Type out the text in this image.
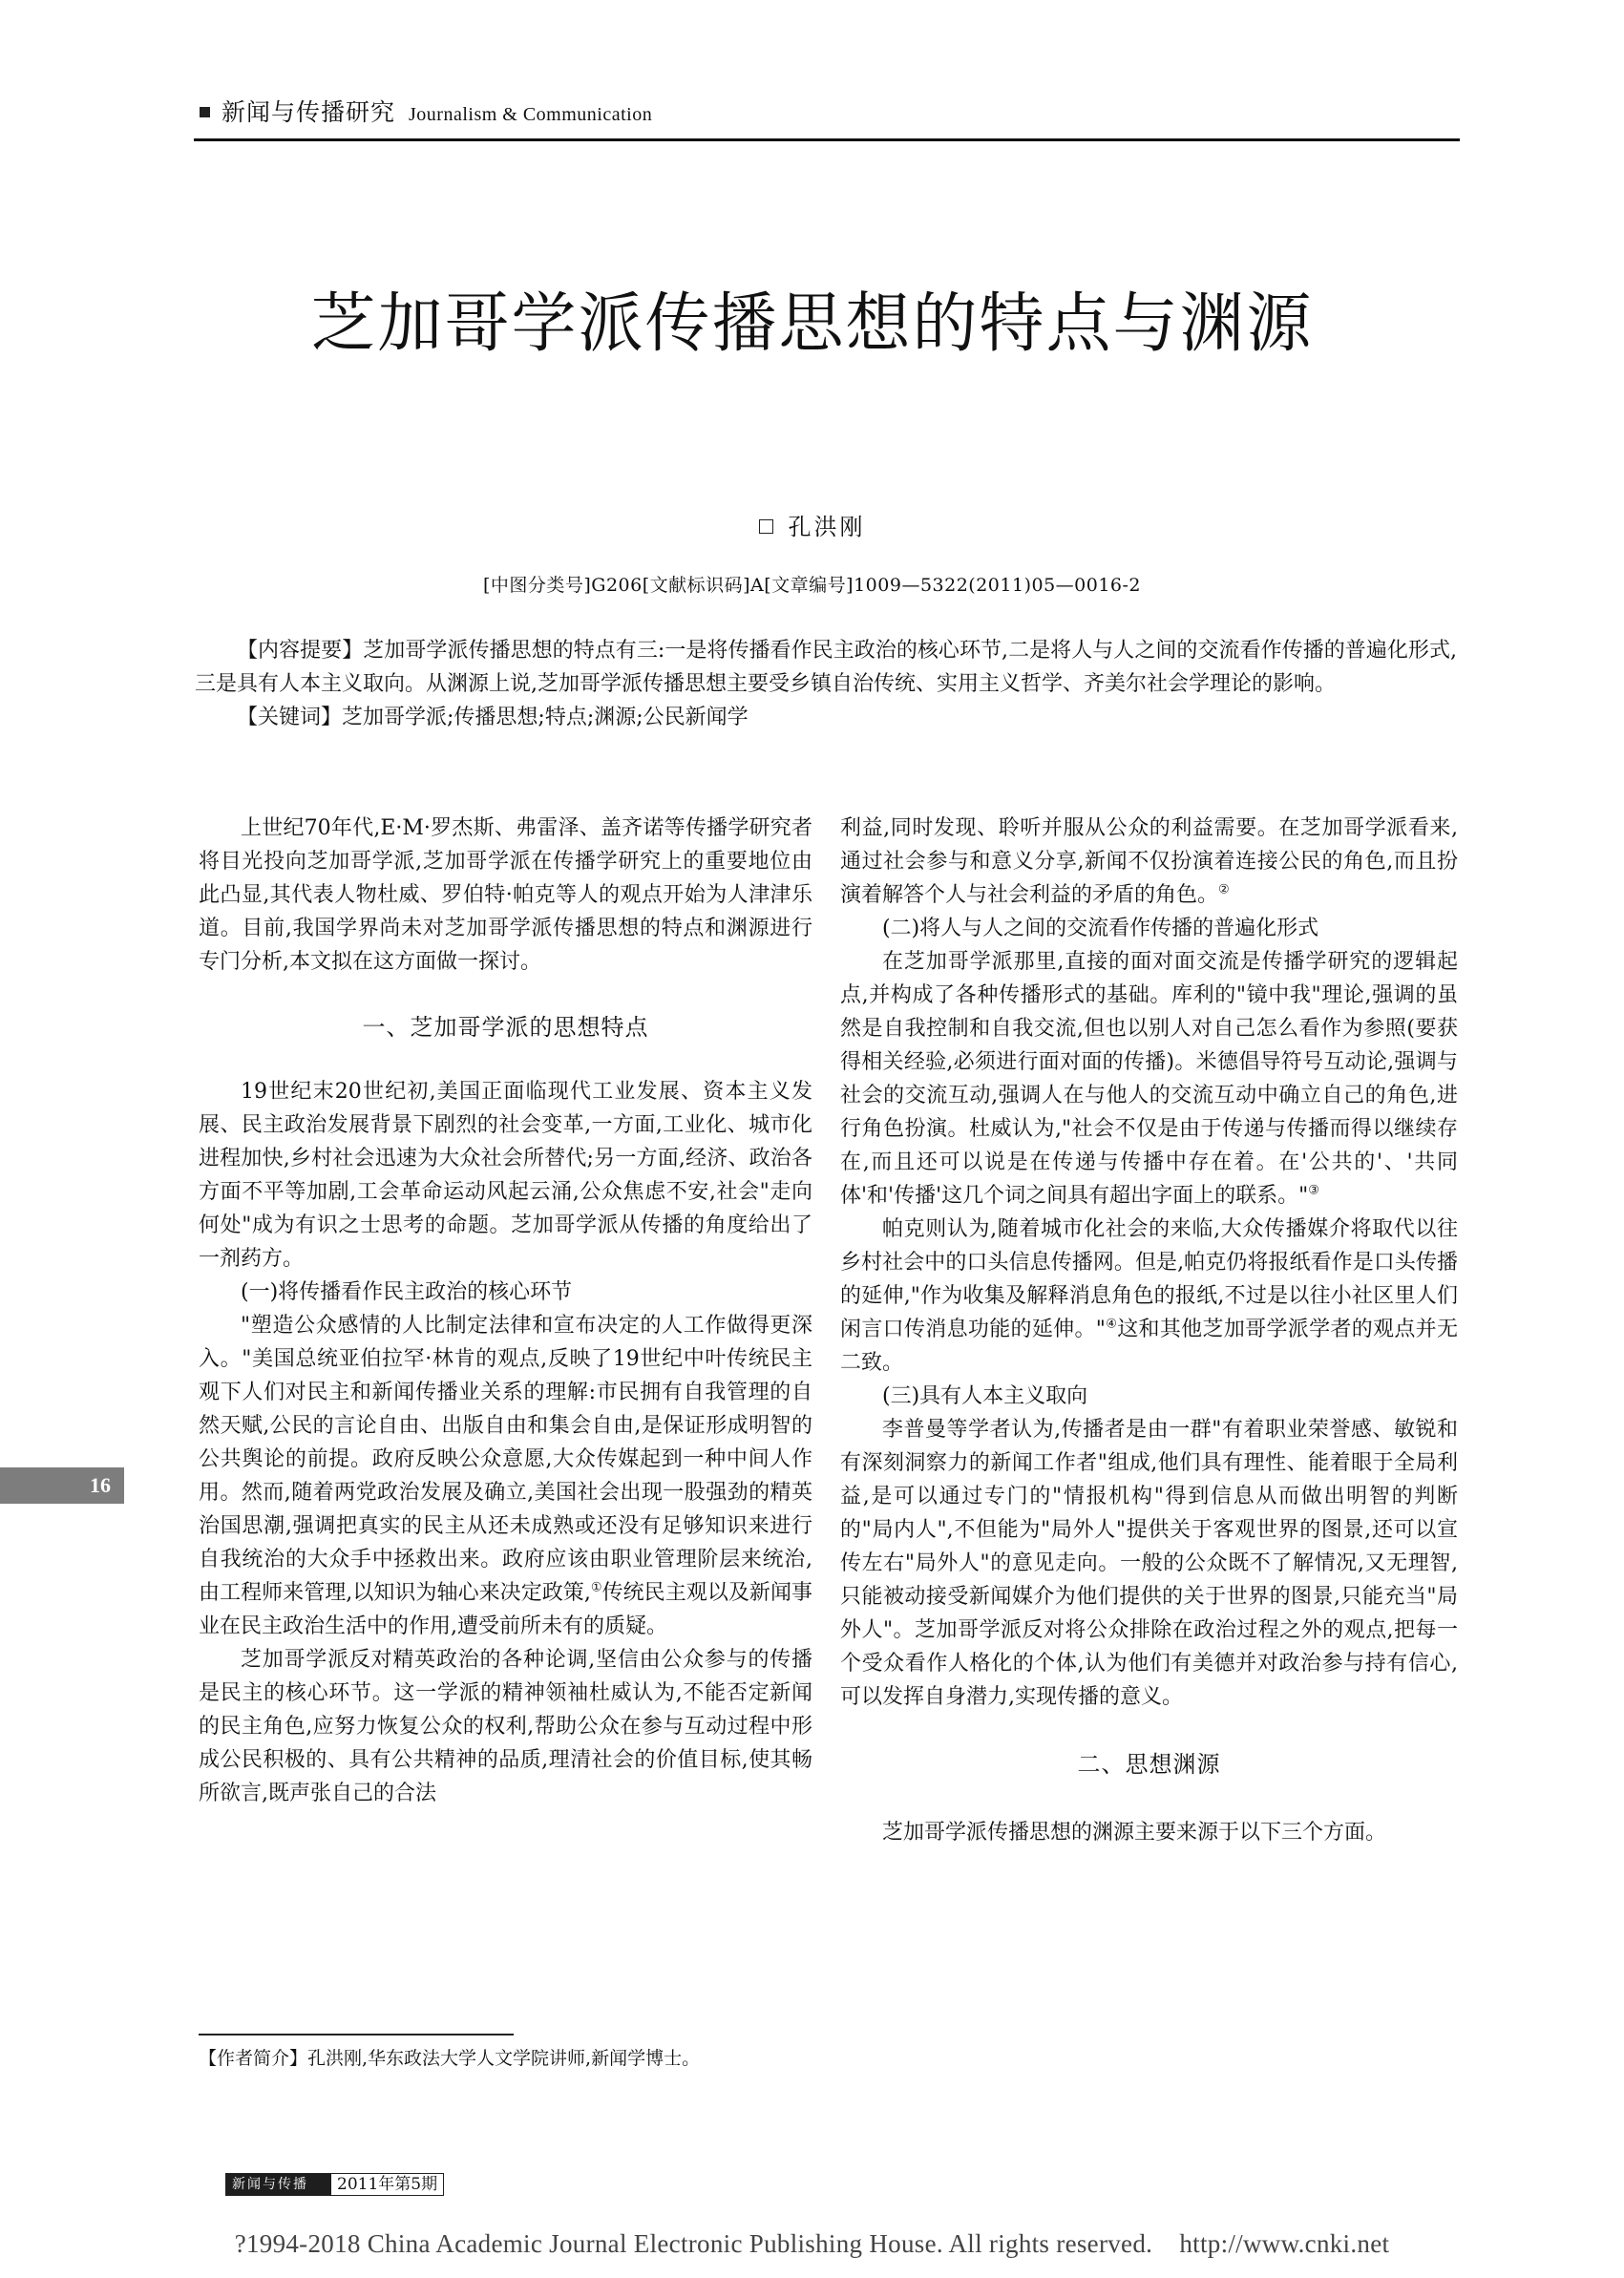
新闻与传播研究 Journalism & Communication
芝加哥学派传播思想的特点与渊源
孔洪刚
[中图分类号]G206[文献标识码]A[文章编号]1009—5322(2011)05—0016-2

【内容提要】芝加哥学派传播思想的特点有三:一是将传播看作民主政治的核心环节,二是将人与人之间的交流看作传播的普遍化形式,三是具有人本主义取向。从渊源上说,芝加哥学派传播思想主要受乡镇自治传统、实用主义哲学、齐美尔社会学理论的影响。

【关键词】芝加哥学派;传播思想;特点;渊源;公民新闻学

上世纪70年代,E·M·罗杰斯、弗雷泽、盖齐诺等传播学研究者将目光投向芝加哥学派,芝加哥学派在传播学研究上的重要地位由此凸显,其代表人物杜威、罗伯特·帕克等人的观点开始为人津津乐道。目前,我国学界尚未对芝加哥学派传播思想的特点和渊源进行专门分析,本文拟在这方面做一探讨。

一、芝加哥学派的思想特点

19世纪末20世纪初,美国正面临现代工业发展、资本主义发展、民主政治发展背景下剧烈的社会变革,一方面,工业化、城市化进程加快,乡村社会迅速为大众社会所替代;另一方面,经济、政治各方面不平等加剧,工会革命运动风起云涌,公众焦虑不安,社会"走向何处"成为有识之士思考的命题。芝加哥学派从传播的角度给出了一剂药方。

(一)将传播看作民主政治的核心环节

"塑造公众感情的人比制定法律和宣布决定的人工作做得更深入。"美国总统亚伯拉罕·林肯的观点,反映了19世纪中叶传统民主观下人们对民主和新闻传播业关系的理解:市民拥有自我管理的自然天赋,公民的言论自由、出版自由和集会自由,是保证形成明智的公共舆论的前提。政府反映公众意愿,大众传媒起到一种中间人作用。然而,随着两党政治发展及确立,美国社会出现一股强劲的精英治国思潮,强调把真实的民主从还未成熟或还没有足够知识来进行自我统治的大众手中拯救出来。政府应该由职业管理阶层来统治,由工程师来管理,以知识为轴心来决定政策,①传统民主观以及新闻事业在民主政治生活中的作用,遭受前所未有的质疑。

芝加哥学派反对精英政治的各种论调,坚信由公众参与的传播是民主的核心环节。这一学派的精神领袖杜威认为,不能否定新闻的民主角色,应努力恢复公众的权利,帮助公众在参与互动过程中形成公民积极的、具有公共精神的品质,理清社会的价值目标,使其畅所欲言,既声张自己的合法

利益,同时发现、聆听并服从公众的利益需要。在芝加哥学派看来,通过社会参与和意义分享,新闻不仅扮演着连接公民的角色,而且扮演着解答个人与社会利益的矛盾的角色。②

(二)将人与人之间的交流看作传播的普遍化形式

在芝加哥学派那里,直接的面对面交流是传播学研究的逻辑起点,并构成了各种传播形式的基础。库利的"镜中我"理论,强调的虽然是自我控制和自我交流,但也以别人对自己怎么看作为参照(要获得相关经验,必须进行面对面的传播)。米德倡导符号互动论,强调与社会的交流互动,强调人在与他人的交流互动中确立自己的角色,进行角色扮演。杜威认为,"社会不仅是由于传递与传播而得以继续存在,而且还可以说是在传递与传播中存在着。在'公共的'、'共同体'和'传播'这几个词之间具有超出字面上的联系。"③

帕克则认为,随着城市化社会的来临,大众传播媒介将取代以往乡村社会中的口头信息传播网。但是,帕克仍将报纸看作是口头传播的延伸,"作为收集及解释消息角色的报纸,不过是以往小社区里人们闲言口传消息功能的延伸。"④这和其他芝加哥学派学者的观点并无二致。

(三)具有人本主义取向

李普曼等学者认为,传播者是由一群"有着职业荣誉感、敏锐和有深刻洞察力的新闻工作者"组成,他们具有理性、能着眼于全局利益,是可以通过专门的"情报机构"得到信息从而做出明智的判断的"局内人",不但能为"局外人"提供关于客观世界的图景,还可以宣传左右"局外人"的意见走向。一般的公众既不了解情况,又无理智,只能被动接受新闻媒介为他们提供的关于世界的图景,只能充当"局外人"。芝加哥学派反对将公众排除在政治过程之外的观点,把每一个受众看作人格化的个体,认为他们有美德并对政治参与持有信心,可以发挥自身潜力,实现传播的意义。

二、思想渊源

芝加哥学派传播思想的渊源主要来源于以下三个方面。

【作者简介】孔洪刚,华东政法大学人文学院讲师,新闻学博士。
16
新闻与传播	2011年第5期
?1994-2018 China Academic Journal Electronic Publishing House. All rights reserved.    http://www.cnki.net
